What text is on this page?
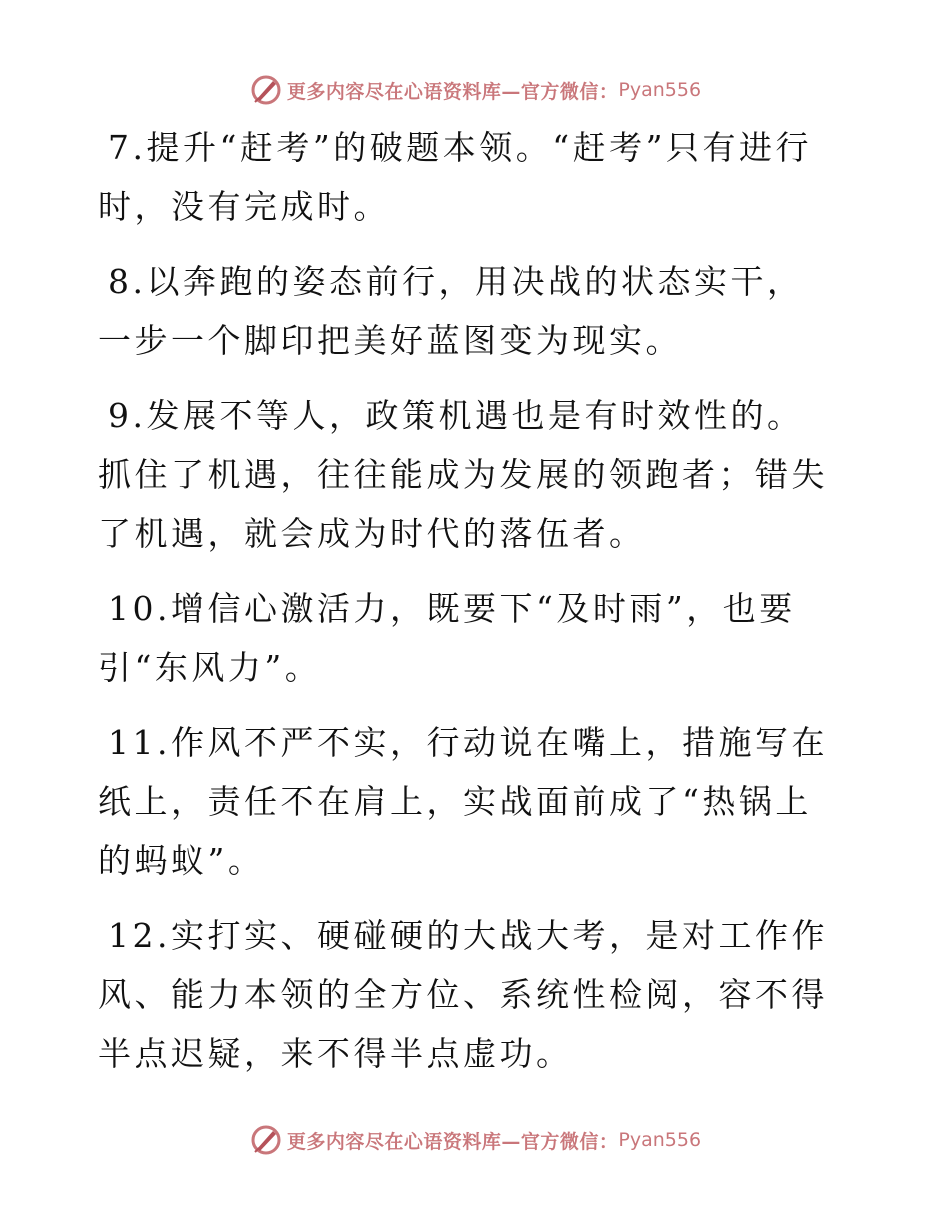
更多内容尽在心语资料库—官方微信： Pyan556

7.提升“赶考”的破题本领。“赶考”只有进行时，没有完成时。

8.以奔跑的姿态前行，用决战的状态实干，一步一个脚印把美好蓝图变为现实。

9.发展不等人，政策机遇也是有时效性的。抓住了机遇，往往能成为发展的领跑者；错失了机遇，就会成为时代的落伍者。

10.增信心激活力，既要下“及时雨”，也要引“东风力”。

11.作风不严不实，行动说在嘴上，措施写在纸上，责任不在肩上，实战面前成了“热锅上的蚂蚁”。

12.实打实、硬碰硬的大战大考，是对工作作风、能力本领的全方位、系统性检阅，容不得半点迟疑，来不得半点虚功。

更多内容尽在心语资料库—官方微信： Pyan556
